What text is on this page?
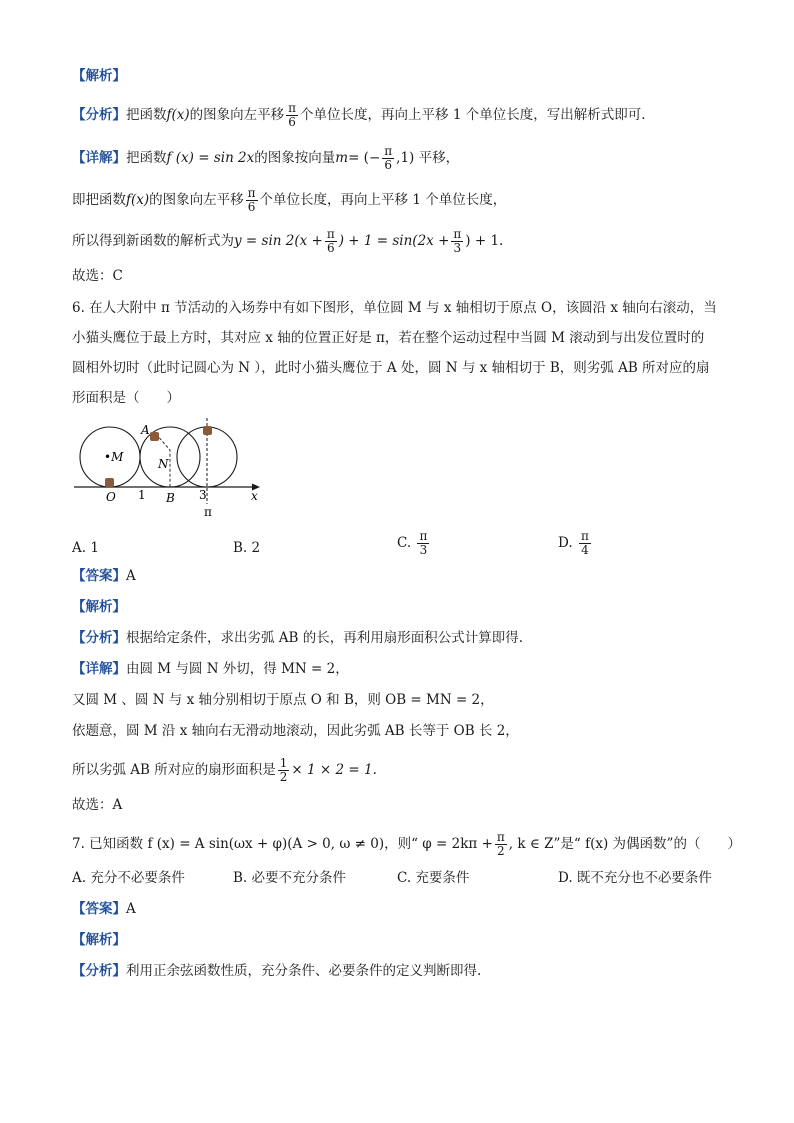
【解析】
【分析】把函数f(x)的图象向左平移 $\frac{\pi}{6}$ 个单位长度，再向上平移 1 个单位长度，写出解析式即可.
【详解】把函数f (x) = sin 2x的图象按向量m= (− $\frac{\pi}{6} ,1$) 平移，
即把函数f(x)的图象向左平移 $\frac{\pi}{6}$ 个单位长度，再向上平移 1 个单位长度，
所以得到新函数的解析式为$y = \sin 2(x + \frac{\pi}{6}$ ) + $1 = \sin(2x + \frac{\pi}{3}$ ) + 1.
故选：C
6. 在人大附中 π 节活动的入场券中有如下图形，单位圆 M 与 x 轴相切于原点 O，该圆沿 x 轴向右滚动，当
小猫头鹰位于最上方时，其对应 x 轴的位置正好是 π，若在整个运动过程中当圆 M 滚动到与出发位置时的
圆相外切时（此时记圆心为 N ），此时小猫头鹰位于 A 处，圆 N 与 x 轴相切于 B，则劣弧 AB 所对应的扇
形面积是（　　）
A
•M	N
O 1 B 3	x
π
A. 1	B. 2	C. $\frac{\pi}{3}$	D. $\frac{\pi}{4}$
【答案】A
【解析】
【分析】根据给定条件，求出劣弧 AB 的长，再利用扇形面积公式计算即得.
【详解】由圆 M 与圆 N 外切，得 MN = 2，
又圆 M 、圆 N 与 x 轴分别相切于原点 O 和 B，则 OB = MN = 2，
依题意，圆 M 沿 x 轴向右无滑动地滚动，因此劣弧 AB 长等于 OB 长 2，
所以劣弧 AB 所对应的扇形面积是 $\frac{1}{2} \times 1 \times 2 = 1$.
故选：A
7. 已知函数 f (x) = A sin(ωx + φ)(A > 0, ω ≠ 0)，则“ $\varphi = 2k\pi + \frac{\pi}{2}$ , k ∈ Z”是“ f(x) 为偶函数”的（　　）
A. 充分不必要条件	B. 必要不充分条件	C. 充要条件	D. 既不充分也不必要条件
【答案】A
【解析】
【分析】利用正余弦函数性质，充分条件、必要条件的定义判断即得.
